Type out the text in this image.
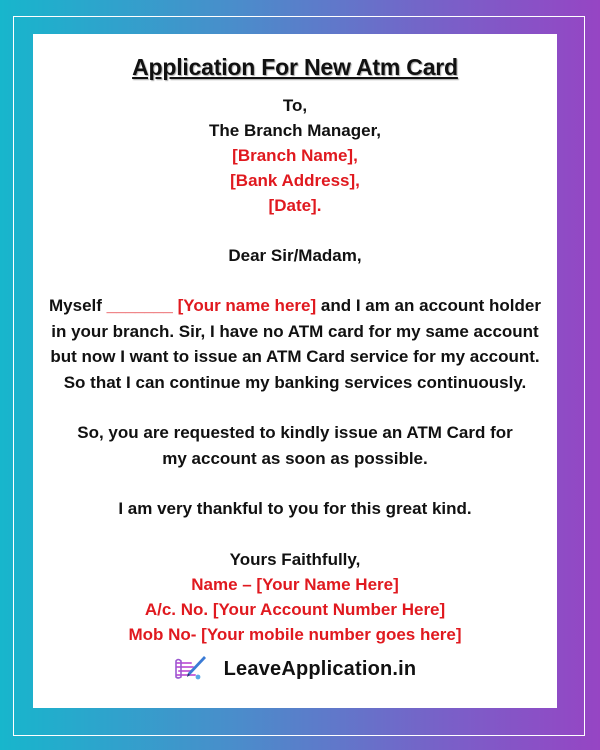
Application For New Atm Card
To,
The Branch Manager,
[Branch Name],
[Bank Address],
[Date].
Dear Sir/Madam,
Myself _______ [Your name here] and I am an account holder in your branch. Sir, I have no ATM card for my same account but now I want to issue an ATM Card service for my account. So that I can continue my banking services continuously.
So, you are requested to kindly issue an ATM Card for my account as soon as possible.
I am very thankful to you for this great kind.
Yours Faithfully,
Name – [Your Name Here]
A/c. No. [Your Account Number Here]
Mob No- [Your mobile number goes here]
LeaveApplication.in
